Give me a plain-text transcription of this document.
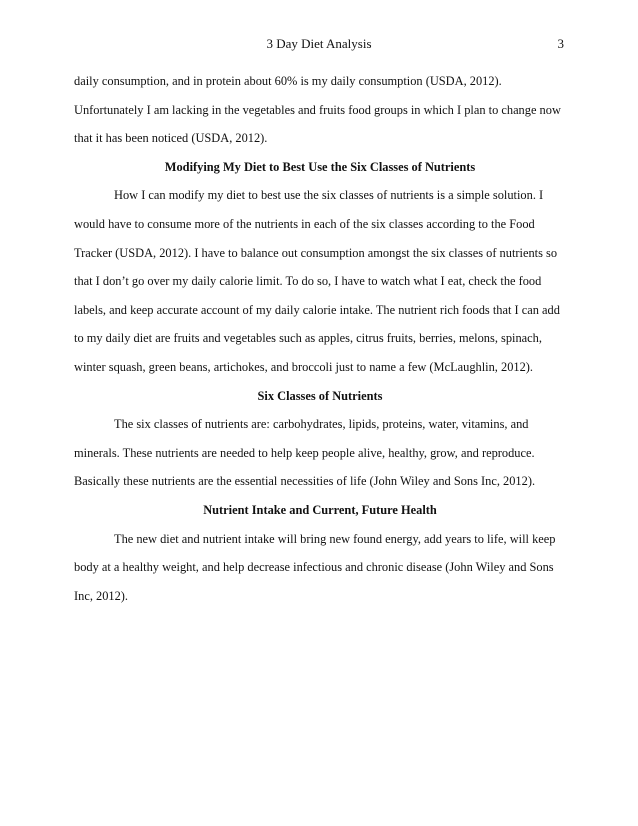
3 Day Diet Analysis	3

daily consumption, and in protein about 60% is my daily consumption (USDA, 2012).

Unfortunately I am lacking in the vegetables and fruits food groups in which I plan to change now

that it has been noticed (USDA, 2012).

Modifying My Diet to Best Use the Six Classes of Nutrients

How I can modify my diet to best use the six classes of nutrients is a simple solution. I

would have to consume more of the nutrients in each of the six classes according to the Food

Tracker (USDA, 2012). I have to balance out consumption amongst the six classes of nutrients so

that I don’t go over my daily calorie limit. To do so, I have to watch what I eat, check the food

labels, and keep accurate account of my daily calorie intake. The nutrient rich foods that I can add

to my daily diet are fruits and vegetables such as apples, citrus fruits, berries, melons, spinach,

winter squash, green beans, artichokes, and broccoli just to name a few (McLaughlin, 2012).

Six Classes of Nutrients

The six classes of nutrients are: carbohydrates, lipids, proteins, water, vitamins, and

minerals. These nutrients are needed to help keep people alive, healthy, grow, and reproduce.

Basically these nutrients are the essential necessities of life (John Wiley and Sons Inc, 2012).

Nutrient Intake and Current, Future Health

The new diet and nutrient intake will bring new found energy, add years to life, will keep

body at a healthy weight, and help decrease infectious and chronic disease (John Wiley and Sons

Inc, 2012).
